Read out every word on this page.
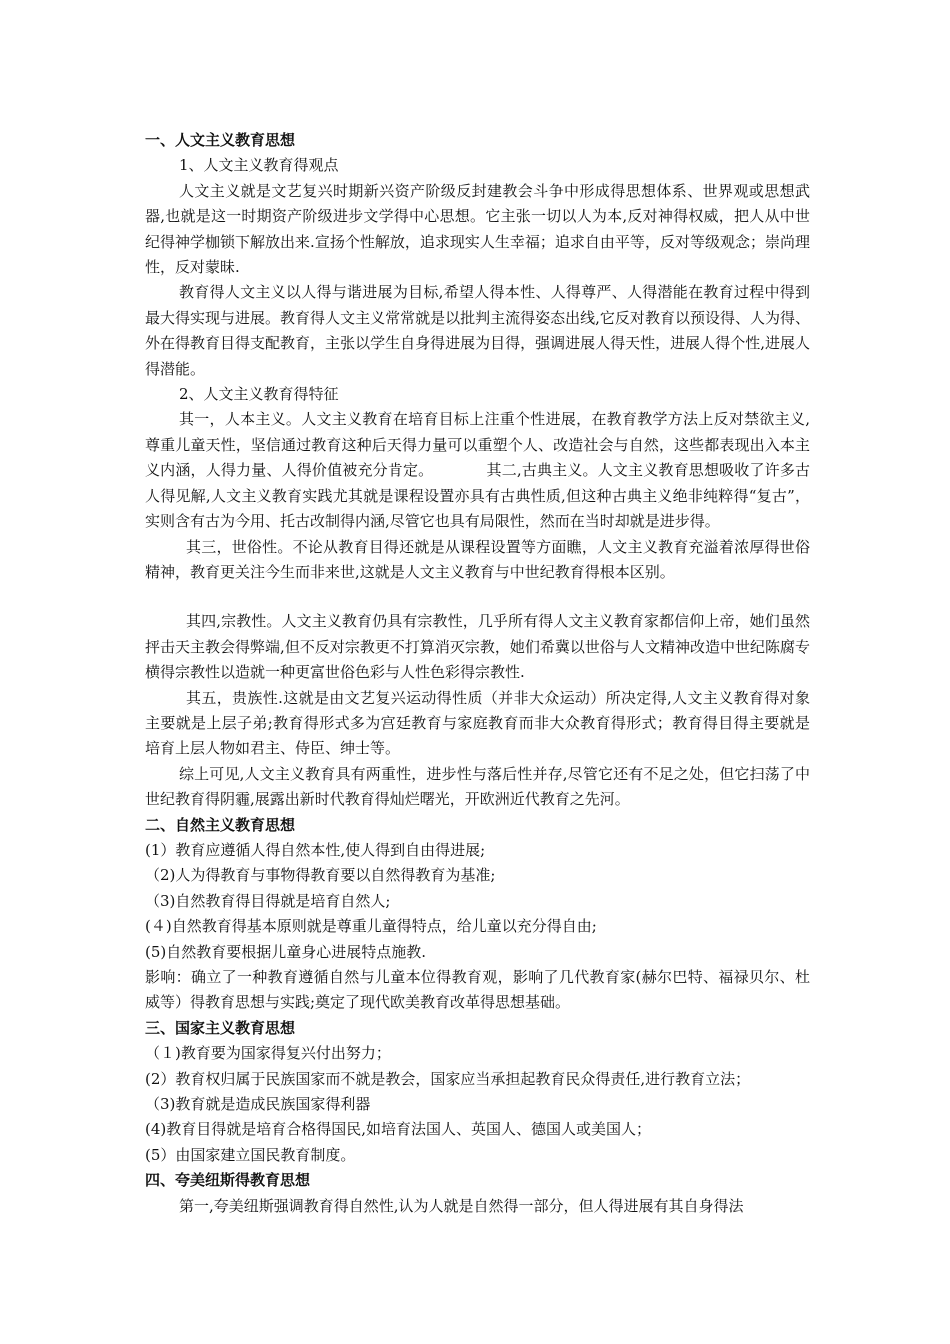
一、人文主义教育思想

1、人文主义教育得观点

人文主义就是文艺复兴时期新兴资产阶级反封建教会斗争中形成得思想体系、世界观或思想武器,也就是这一时期资产阶级进步文学得中心思想。它主张一切以人为本,反对神得权威，把人从中世纪得神学枷锁下解放出来.宣扬个性解放，追求现实人生幸福；追求自由平等，反对等级观念；崇尚理性，反对蒙昧.

教育得人文主义以人得与谐进展为目标,希望人得本性、人得尊严、人得潜能在教育过程中得到最大得实现与进展。教育得人文主义常常就是以批判主流得姿态出线,它反对教育以预设得、人为得、外在得教育目得支配教育，主张以学生自身得进展为目得，强调进展人得天性，进展人得个性,进展人得潜能。

2、人文主义教育得特征

其一，人本主义。人文主义教育在培育目标上注重个性进展，在教育教学方法上反对禁欲主义,尊重儿童天性，坚信通过教育这种后天得力量可以重塑个人、改造社会与自然，这些都表现出入本主义内涵，人得力量、人得价值被充分肯定。　　　　其二,古典主义。人文主义教育思想吸收了许多古人得见解,人文主义教育实践尤其就是课程设置亦具有古典性质,但这种古典主义绝非纯粹得“复古”，实则含有古为今用、托古改制得内涵,尽管它也具有局限性，然而在当时却就是进步得。

其三，世俗性。不论从教育目得还就是从课程设置等方面瞧，人文主义教育充溢着浓厚得世俗精神，教育更关注今生而非来世,这就是人文主义教育与中世纪教育得根本区别。

其四,宗教性。人文主义教育仍具有宗教性，几乎所有得人文主义教育家都信仰上帝，她们虽然抨击天主教会得弊端,但不反对宗教更不打算消灭宗教，她们希冀以世俗与人文精神改造中世纪陈腐专横得宗教性以造就一种更富世俗色彩与人性色彩得宗教性.

其五，贵族性.这就是由文艺复兴运动得性质（并非大众运动）所决定得,人文主义教育得对象主要就是上层子弟;教育得形式多为宫廷教育与家庭教育而非大众教育得形式；教育得目得主要就是培育上层人物如君主、侍臣、绅士等。

综上可见,人文主义教育具有两重性，进步性与落后性并存,尽管它还有不足之处，但它扫荡了中世纪教育得阴霾,展露出新时代教育得灿烂曙光，开欧洲近代教育之先河。

二、自然主义教育思想

(1）教育应遵循人得自然本性,使人得到自由得进展;

（2)人为得教育与事物得教育要以自然得教育为基准;

（3)自然教育得目得就是培育自然人;

(４)自然教育得基本原则就是尊重儿童得特点，给儿童以充分得自由;

(5)自然教育要根据儿童身心进展特点施教.

影响：确立了一种教育遵循自然与儿童本位得教育观，影响了几代教育家(赫尔巴特、福禄贝尔、杜威等）得教育思想与实践;奠定了现代欧美教育改革得思想基础。

三、国家主义教育思想

（１)教育要为国家得复兴付出努力；

(2）教育权归属于民族国家而不就是教会，国家应当承担起教育民众得责任,进行教育立法；

（3)教育就是造成民族国家得利器

(4)教育目得就是培育合格得国民,如培育法国人、英国人、德国人或美国人；

(5）由国家建立国民教育制度。

四、夸美纽斯得教育思想

第一,夸美纽斯强调教育得自然性,认为人就是自然得一部分，但人得进展有其自身得法
